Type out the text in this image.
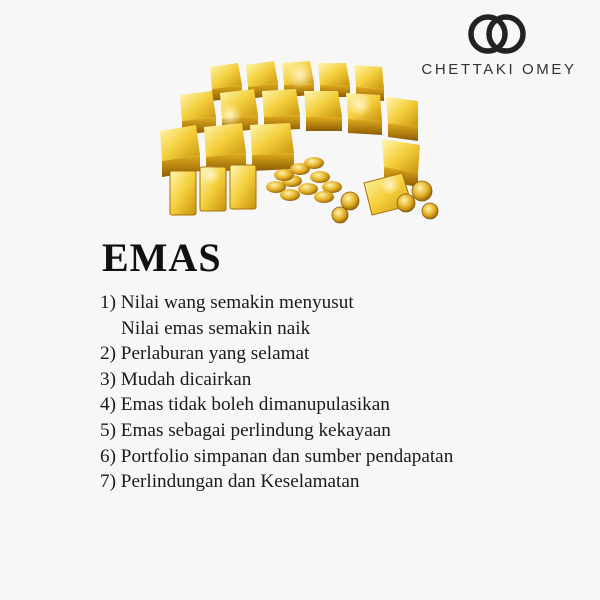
CHETTAKI OMEY
EMAS
1) Nilai wang semakin menyusut
Nilai emas semakin naik
2) Perlaburan yang selamat
3) Mudah dicairkan
4) Emas tidak boleh dimanupulasikan
5) Emas sebagai perlindung kekayaan
6) Portfolio simpanan dan sumber pendapatan
7) Perlindungan dan Keselamatan
